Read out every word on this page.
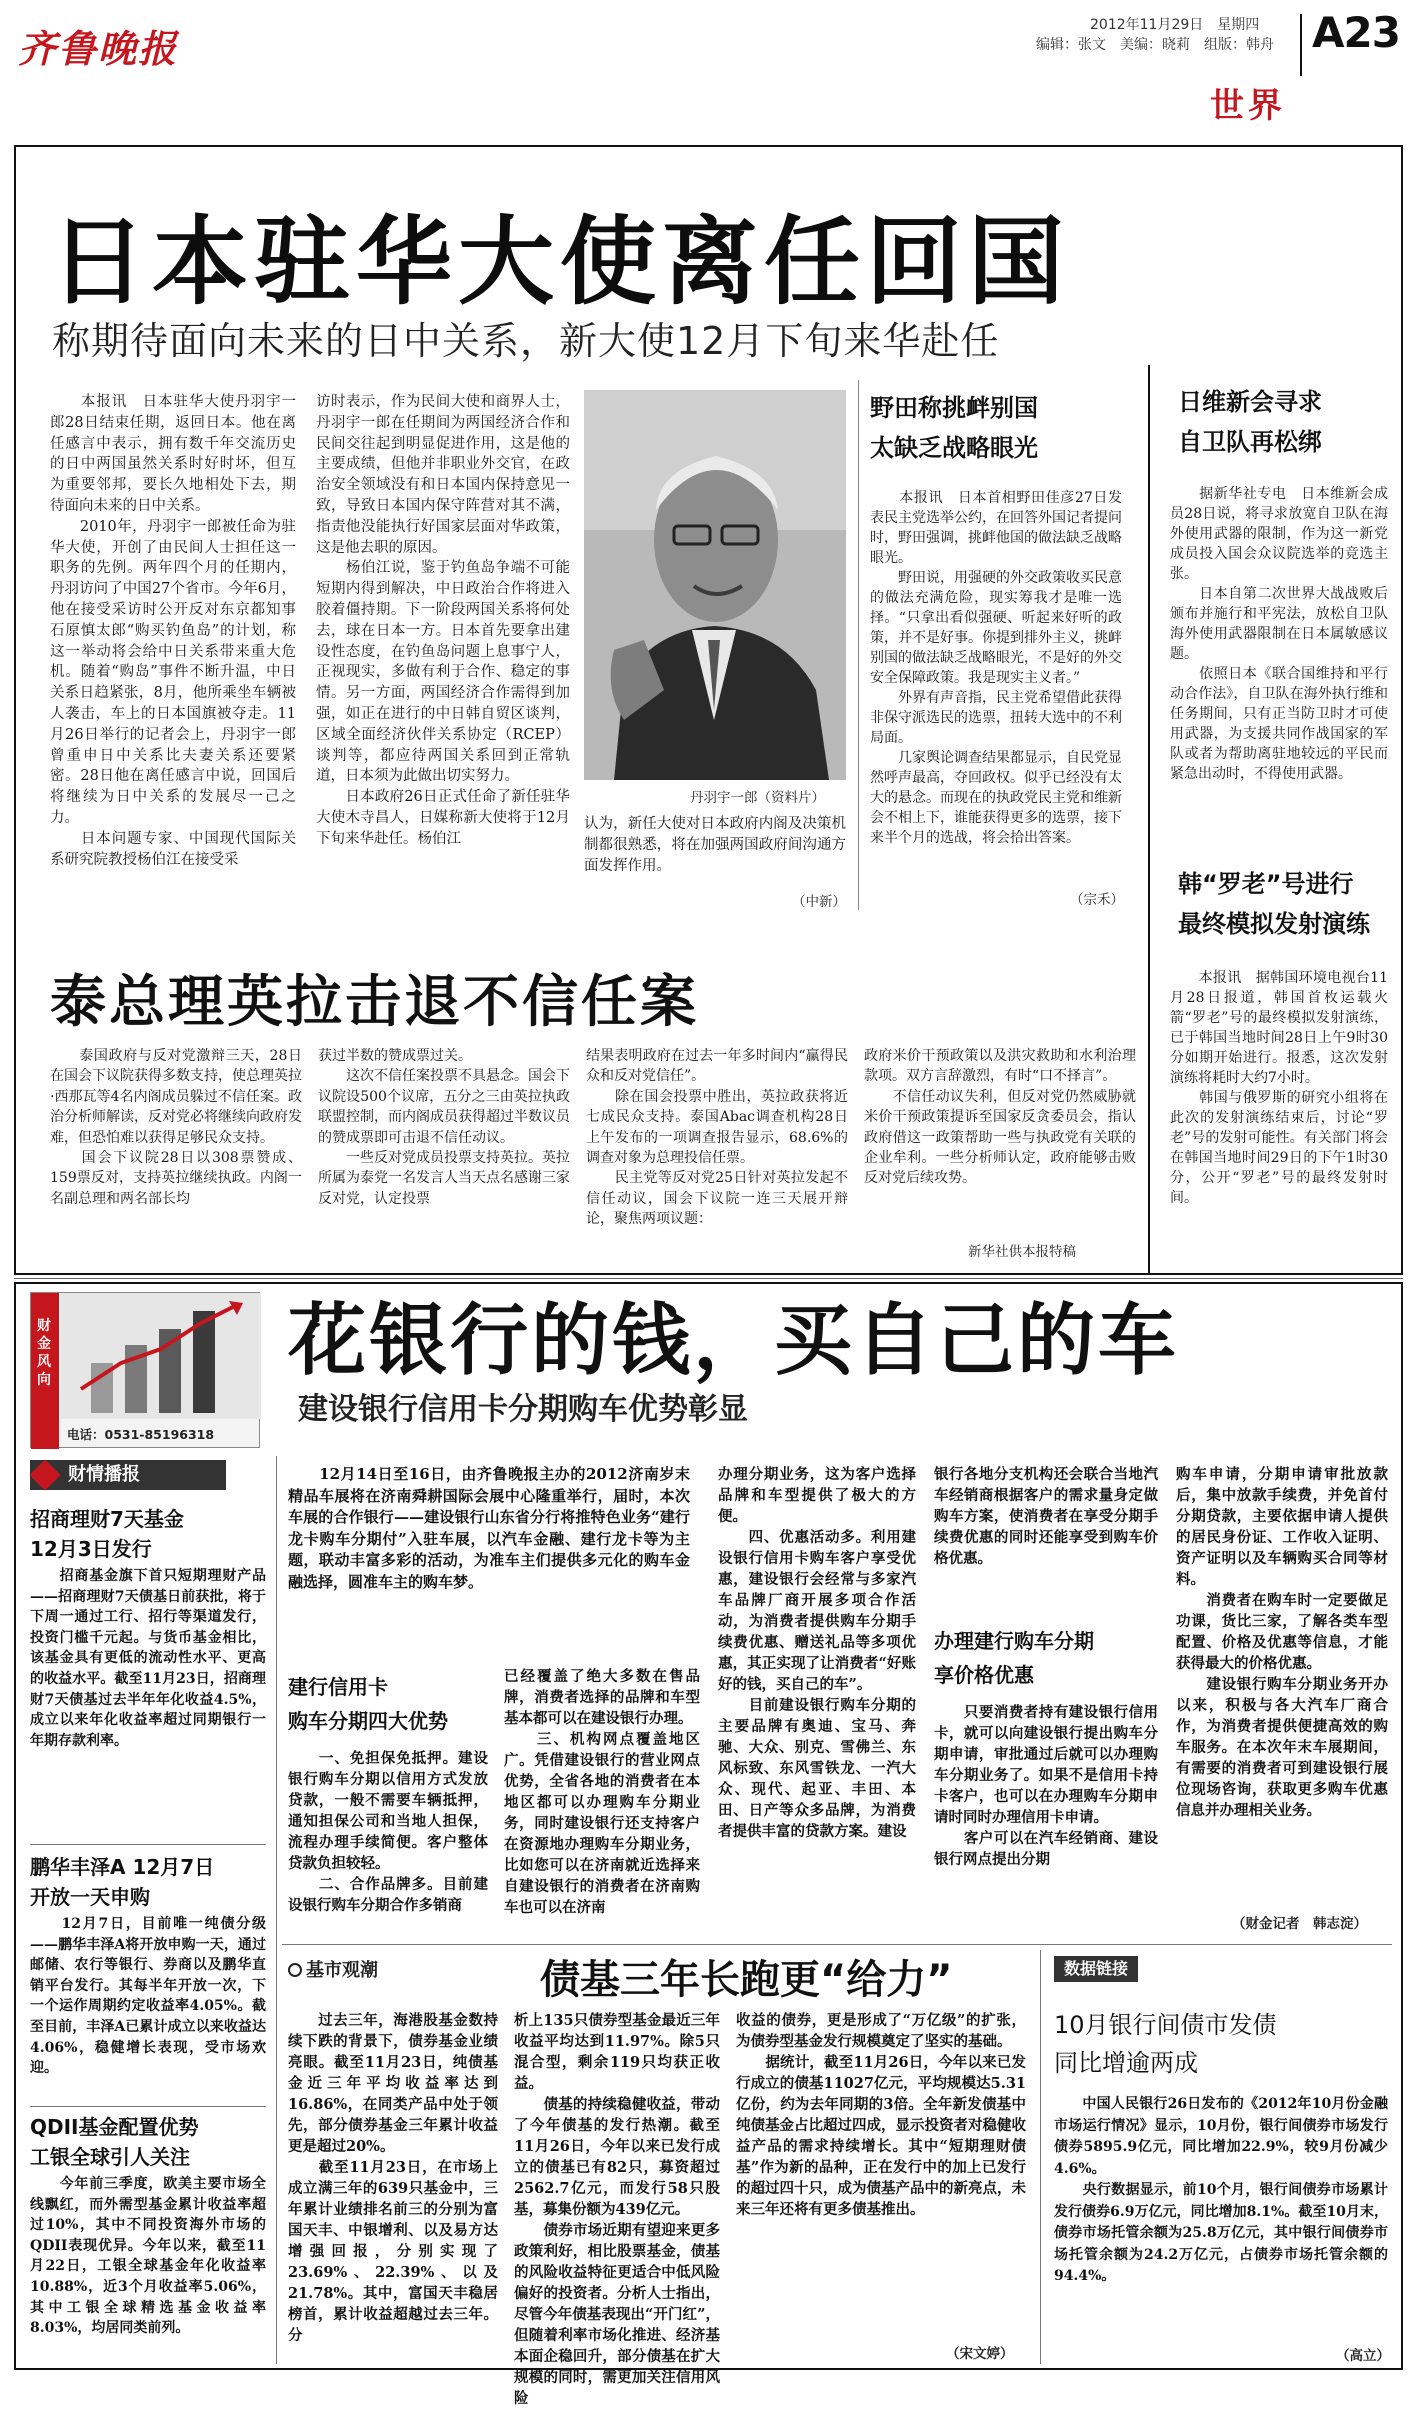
齐鲁晚报
2012年11月29日　 星期四
编辑：张文　美编：晓莉　组版：韩舟 A23
世界
日本驻华大使离任回国
称期待面向未来的日中关系，新大使12月下旬来华赴任
　　本报讯　日本驻华大使丹羽宇一郎28日结束任期，返回日本。他在离任感言中表示，拥有数千年交流历史的日中两国虽然关系时好时坏，但互为重要邻邦，要长久地相处下去，期待面向未来的日中关系。
　　2010年，丹羽宇一郎被任命为驻华大使，开创了由民间人士担任这一职务的先例。两年四个月的任期内，丹羽访问了中国27个省市。今年6月，他在接受采访时公开反对东京都知事石原慎太郎“购买钓鱼岛”的计划，称这一举动将会给中日关系带来重大危机。随着“购岛”事件不断升温，中日关系日趋紧张，8月，他所乘坐车辆被人袭击，车上的日本国旗被夺走。11月26日举行的记者会上，丹羽宇一郎曾重申日中关系比夫妻关系还要紧密。28日他在离任感言中说，回国后将继续为日中关系的发展尽一己之力。
　　日本问题专家、中国现代国际关系研究院教授杨伯江在接受采
访时表示，作为民间大使和商界人士，丹羽宇一郎在任期间为两国经济合作和民间交往起到明显促进作用，这是他的主要成绩，但他并非职业外交官，在政治安全领域没有和日本国内保持意见一致，导致日本国内保守阵营对其不满，指责他没能执行好国家层面对华政策，这是他去职的原因。
　　杨伯江说，鉴于钓鱼岛争端不可能短期内得到解决，中日政治合作将进入胶着僵持期。下一阶段两国关系将何处去，球在日本一方。日本首先要拿出建设性态度，在钓鱼岛问题上息事宁人，正视现实，多做有利于合作、稳定的事情。另一方面，两国经济合作需得到加强，如正在进行的中日韩自贸区谈判，区域全面经济伙伴关系协定（RCEP）谈判等，都应待两国关系回到正常轨道，日本须为此做出切实努力。
　　日本政府26日正式任命了新任驻华大使木寺昌人，日媒称新大使将于12月下旬来华赴任。杨伯江
丹羽宇一郎（资料片）
认为，新任大使对日本政府内阁及决策机制都很熟悉，将在加强两国政府间沟通方面发挥作用。
（中新）
野田称挑衅别国
太缺乏战略眼光
　　本报讯　日本首相野田佳彦27日发表民主党选举公约，在回答外国记者提问时，野田强调，挑衅他国的做法缺乏战略眼光。
　　野田说，用强硬的外交政策收买民意的做法充满危险，现实筹我才是唯一选择。“只拿出看似强硬、听起来好听的政策，并不是好事。你提到排外主义，挑衅别国的做法缺乏战略眼光，不是好的外交安全保障政策。我是现实主义者。”
　　外界有声音指，民主党希望借此获得非保守派选民的选票，扭转大选中的不利局面。
　　几家舆论调查结果都显示，自民党显然呼声最高，夺回政权。似乎已经没有太大的悬念。而现在的执政党民主党和维新会不相上下，谁能获得更多的选票，接下来半个月的选战，将会拾出答案。
（宗禾）
日维新会寻求
自卫队再松绑
　　据新华社专电　日本维新会成员28日说，将寻求放宽自卫队在海外使用武器的限制，作为这一新党成员投入国会众议院选举的竞选主张。
　　日本自第二次世界大战战败后颁布并施行和平宪法，放松自卫队海外使用武器限制在日本属敏感议题。
　　依照日本《联合国维持和平行动合作法》，自卫队在海外执行维和任务期间，只有正当防卫时才可使用武器，为支援共同作战国家的军队或者为帮助离驻地较远的平民而紧急出动时，不得使用武器。
韩“罗老”号进行
最终模拟发射演练
　　本报讯　据韩国环境电视台11月28日报道，韩国首枚运载火箭“罗老”号的最终模拟发射演练，已于韩国当地时间28日上午9时30分如期开始进行。报悉，这次发射演练将耗时大约7小时。
　　韩国与俄罗斯的研究小组将在此次的发射演练结束后，讨论“罗老”号的发射可能性。有关部门将会在韩国当地时间29日的下午1时30分，公开“罗老”号的最终发射时间。
泰总理英拉击退不信任案
　　泰国政府与反对党激辩三天，28日在国会下议院获得多数支持，使总理英拉·西那瓦等4名内阁成员躲过不信任案。政治分析师解读，反对党必将继续向政府发难，但恐怕难以获得足够民众支持。
　　国会下议院28日以308票赞成、159票反对，支持英拉继续执政。内阁一名副总理和两名部长均
获过半数的赞成票过关。
　　这次不信任案投票不具悬念。国会下议院设500个议席，五分之三由英拉执政联盟控制，而内阁成员获得超过半数议员的赞成票即可击退不信任动议。
　　一些反对党成员投票支持英拉。英拉所属为泰党一名发言人当天点名感谢三家反对党，认定投票
结果表明政府在过去一年多时间内“赢得民众和反对党信任”。
　　除在国会投票中胜出，英拉政获将近七成民众支持。泰国Abac调查机构28日上午发布的一项调查报告显示，68.6%的调查对象为总理投信任票。
　　民主党等反对党25日针对英拉发起不信任动议，国会下议院一连三天展开辩论，聚焦两项议题：
政府米价干预政策以及洪灾救助和水利治理款项。双方言辞激烈，有时“口不择言”。
　　不信任动议失利，但反对党仍然威胁就米价干预政策提诉至国家反贪委员会，指认政府借这一政策帮助一些与执政党有关联的企业牟利。一些分析师认定，政府能够击败反对党后续攻势。
新华社供本报特稿
财金风向
电话：0531-85196318
花银行的钱，买自己的车
建设银行信用卡分期购车优势彰显
财情播报
招商理财7天基金
12月3日发行
　　招商基金旗下首只短期理财产品——招商理财7天债基日前获批，将于下周一通过工行、招行等渠道发行，投资门槛千元起。与货币基金相比，该基金具有更低的流动性水平、更高的收益水平。截至11月23日，招商理财7天债基过去半年年化收益4.5%，成立以来年化收益率超过同期银行一年期存款利率。
鹏华丰泽A 12月7日
开放一天申购
　　12月7日，目前唯一纯债分级——鹏华丰泽A将开放申购一天，通过邮储、农行等银行、券商以及鹏华直销平台发行。其每半年开放一次，下一个运作周期约定收益率4.05%。截至目前，丰泽A已累计成立以来收益达4.06%，稳健增长表现，受市场欢迎。
QDII基金配置优势
工银全球引人关注
　　今年前三季度，欧美主要市场全线飘红，而外需型基金累计收益率超过10%，其中不同投资海外市场的QDII表现优异。今年以来，截至11月22日，工银全球基金年化收益率10.88%，近3个月收益率5.06%，其中工银全球精选基金收益率8.03%，均居同类前列。
　　12月14日至16日，由齐鲁晚报主办的2012济南岁末精品车展将在济南舜耕国际会展中心隆重举行，届时，本次车展的合作银行——建设银行山东省分行将推特色业务“建行龙卡购车分期付”入驻车展，以汽车金融、建行龙卡等为主题，联动丰富多彩的活动，为准车主们提供多元化的购车金融选择，圆准车主的购车梦。
建行信用卡
购车分期四大优势
　　一、免担保免抵押。建设银行购车分期以信用方式发放贷款，一般不需要车辆抵押，通知担保公司和当地人担保，流程办理手续简便。客户整体贷款负担较轻。
　　二、合作品牌多。目前建设银行购车分期合作多销商
已经覆盖了绝大多数在售品牌，消费者选择的品牌和车型基本都可以在建设银行办理。
　　三、机构网点覆盖地区广。凭借建设银行的营业网点优势，全省各地的消费者在本地区都可以办理购车分期业务，同时建设银行还支持客户在资源地办理购车分期业务，比如您可以在济南就近选择来自建设银行的消费者在济南购车也可以在济南
办理分期业务，这为客户选择品牌和车型提供了极大的方便。
　　四、优惠活动多。利用建设银行信用卡购车客户享受优惠，建设银行会经常与多家汽车品牌厂商开展多项合作活动，为消费者提供购车分期手续费优惠、赠送礼品等多项优惠，其正实现了让消费者“好账好的钱，买自己的车”。
　　目前建设银行购车分期的主要品牌有奥迪、宝马、奔驰、大众、别克、雪佛兰、东风标致、东风雪铁龙、一汽大众、现代、起亚、丰田、本田、日产等众多品牌，为消费者提供丰富的贷款方案。建设
银行各地分支机构还会联合当地汽车经销商根据客户的需求量身定做购车方案，使消费者在享受分期手续费优惠的同时还能享受到购车价格优惠。
办理建行购车分期
享价格优惠
　　只要消费者持有建设银行信用卡，就可以向建设银行提出购车分期申请，审批通过后就可以办理购车分期业务了。如果不是信用卡持卡客户，也可以在办理购车分期申请时同时办理信用卡申请。
　　客户可以在汽车经销商、建设银行网点提出分期
购车申请，分期申请审批放款后，集中放款手续费，并免首付分期贷款，主要依据申请人提供的居民身份证、工作收入证明、资产证明以及车辆购买合同等材料。
　　消费者在购车时一定要做足功课，货比三家，了解各类车型配置、价格及优惠等信息，才能获得最大的价格优惠。
　　建设银行购车分期业务开办以来，积极与各大汽车厂商合作，为消费者提供便捷高效的购车服务。在本次年末车展期间，有需要的消费者可到建设银行展位现场咨询，获取更多购车优惠信息并办理相关业务。
（财金记者　韩志淀）
基市观潮	债基三年长跑更“给力”
　　过去三年，海港股基金数持续下跌的背景下，债券基金业绩亮眼。截至11月23日，纯债基金近三年平均收益率达到16.86%，在同类产品中处于领先，部分债券基金三年累计收益更是超过20%。
　　截至11月23日，在市场上成立满三年的639只基金中，三年累计业绩排名前三的分别为富国天丰、中银增利、以及易方达增强回报，分别实现了23.69%、22.39%、以及21.78%。其中，富国天丰稳居榜首，累计收益超越过去三年。分
析上135只债券型基金最近三年收益平均达到11.97%。除5只混合型，剩余119只均获正收益。
　　债基的持续稳健收益，带动了今年债基的发行热潮。截至11月26日，今年以来已发行成立的债基已有82只，募资超过2562.7亿元，而发行58只股基，募集份额为439亿元。
　　债券市场近期有望迎来更多政策利好，相比股票基金，债基的风险收益特征更适合中低风险偏好的投资者。分析人士指出，尽管今年债基表现出“开门红”，但随着利率市场化推进、经济基本面企稳回升，部分债基在扩大规模的同时，需更加关注信用风险
收益的债券，更是形成了“万亿级”的扩张，为债券型基金发行规模奠定了坚实的基础。
　　据统计，截至11月26日，今年以来已发行成立的债基11027亿元，平均规模达5.31亿份，约为去年同期的3倍。全年新发债基中纯债基金占比超过四成，显示投资者对稳健收益产品的需求持续增长。其中“短期理财债基”作为新的品种，正在发行中的加上已发行的超过四十只，成为债基产品中的新亮点，未来三年还将有更多债基推出。
（宋文婷）
数据链接
10月银行间债市发债
同比增逾两成
　　中国人民银行26日发布的《2012年10月份金融市场运行情况》显示，10月份，银行间债券市场发行债券5895.9亿元，同比增加22.9%，较9月份减少4.6%。
　　央行数据显示，前10个月，银行间债券市场累计发行债券6.9万亿元，同比增加8.1%。截至10月末，债券市场托管余额为25.8万亿元，其中银行间债券市场托管余额为24.2万亿元，占债券市场托管余额的94.4%。
（高立）
